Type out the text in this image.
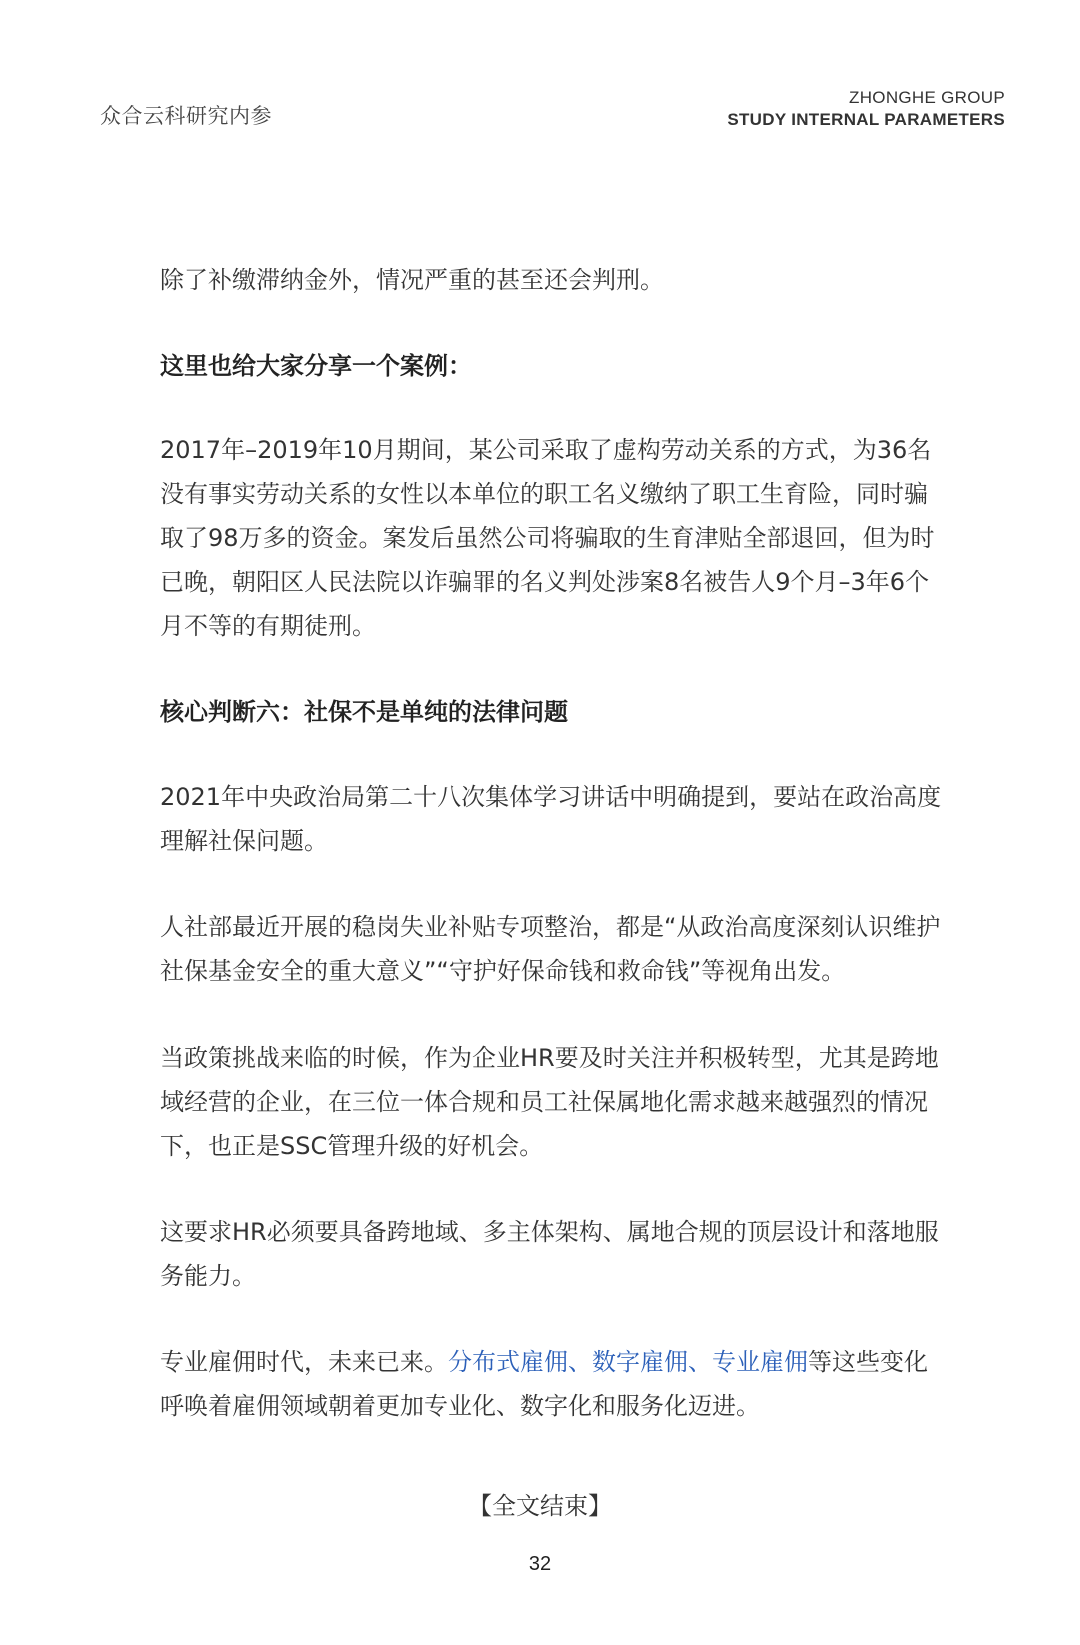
众合云科研究内参
ZHONGHE GROUP
STUDY INTERNAL PARAMETERS

除了补缴滞纳金外，情况严重的甚至还会判刑。

这里也给大家分享一个案例：

2017年–2019年10月期间，某公司采取了虚构劳动关系的方式，为36名没有事实劳动关系的女性以本单位的职工名义缴纳了职工生育险，同时骗取了98万多的资金。案发后虽然公司将骗取的生育津贴全部退回，但为时已晚，朝阳区人民法院以诈骗罪的名义判处涉案8名被告人9个月–3年6个月不等的有期徒刑。

核心判断六：社保不是单纯的法律问题

2021年中央政治局第二十八次集体学习讲话中明确提到，要站在政治高度理解社保问题。

人社部最近开展的稳岗失业补贴专项整治，都是“从政治高度深刻认识维护社保基金安全的重大意义”“守护好保命钱和救命钱”等视角出发。

当政策挑战来临的时候，作为企业HR要及时关注并积极转型，尤其是跨地域经营的企业，在三位一体合规和员工社保属地化需求越来越强烈的情况下，也正是SSC管理升级的好机会。

这要求HR必须要具备跨地域、多主体架构、属地合规的顶层设计和落地服务能力。

专业雇佣时代，未来已来。分布式雇佣、数字雇佣、专业雇佣等这些变化呼唤着雇佣领域朝着更加专业化、数字化和服务化迈进。

【全文结束】
32
